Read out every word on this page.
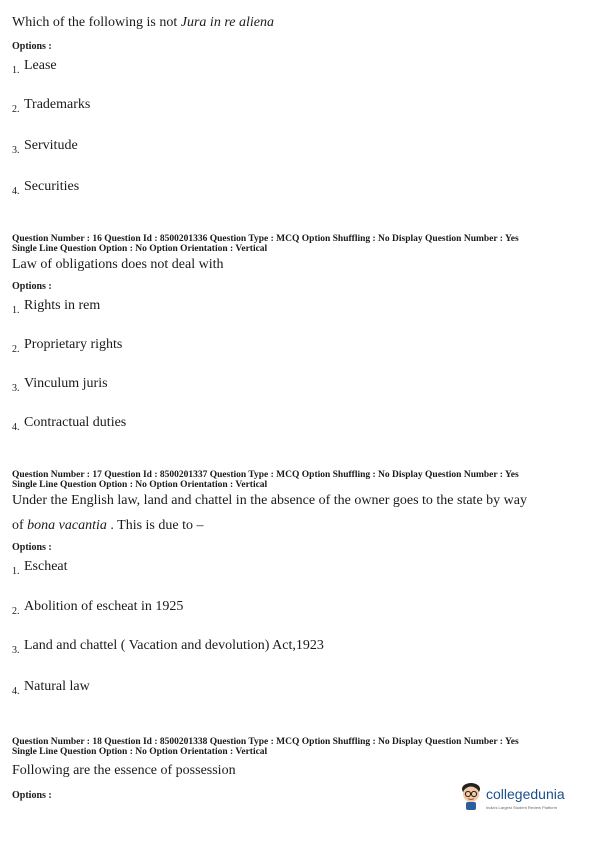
Which of the following is not Jura in re aliena
Options :
1. Lease
2. Trademarks
3. Servitude
4. Securities
Question Number : 16 Question Id : 8500201336 Question Type : MCQ Option Shuffling : No Display Question Number : Yes
Single Line Question Option : No Option Orientation : Vertical
Law of obligations does not deal with
Options :
1. Rights in rem
2. Proprietary rights
3. Vinculum juris
4. Contractual duties
Question Number : 17 Question Id : 8500201337 Question Type : MCQ Option Shuffling : No Display Question Number : Yes
Single Line Question Option : No Option Orientation : Vertical
Under the English law, land and chattel in the absence of the owner goes to the state by way
of bona vacantia . This is due to –
Options :
1. Escheat
2. Abolition of escheat in 1925
3. Land and chattel ( Vacation and devolution) Act,1923
4. Natural law
Question Number : 18 Question Id : 8500201338 Question Type : MCQ Option Shuffling : No Display Question Number : Yes
Single Line Question Option : No Option Orientation : Vertical
Following are the essence of possession
Options :	collegedunia
India's Largest Student Review Platform
